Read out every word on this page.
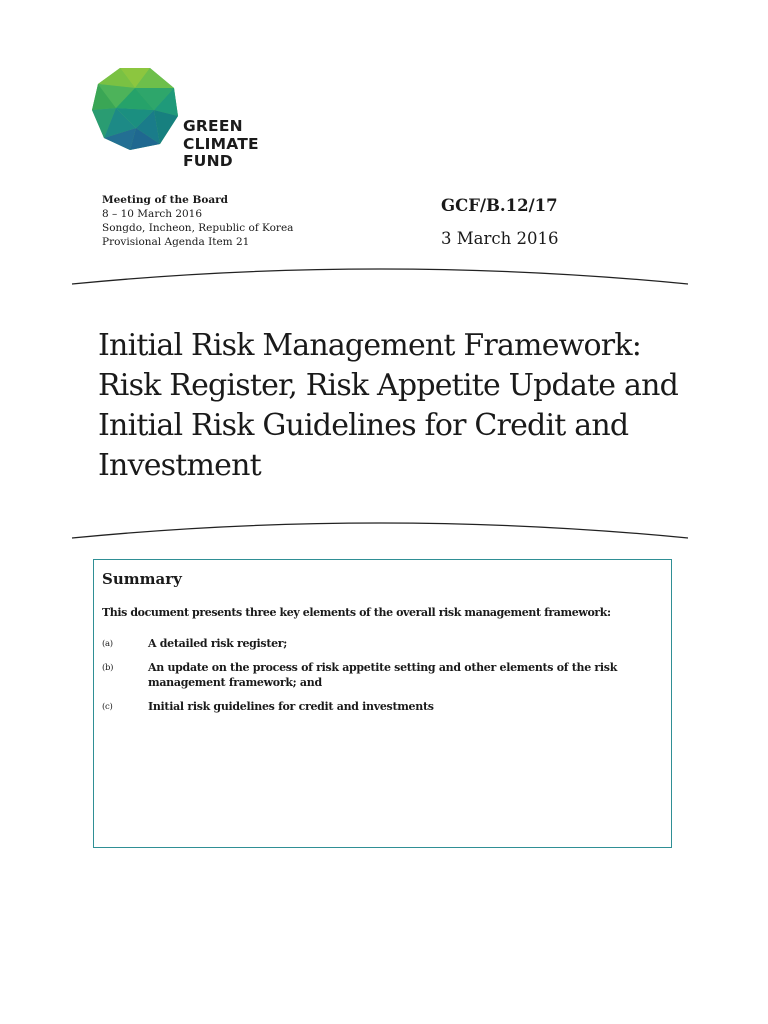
GREEN
CLIMATE
FUND
Meeting of the Board
8 – 10 March 2016
Songdo, Incheon, Republic of Korea
Provisional Agenda Item 21
GCF/B.12/17
3 March 2016
Initial Risk Management Framework:
Risk Register, Risk Appetite Update and
Initial Risk Guidelines for Credit and
Investment
Summary
This document presents three key elements of the overall risk management framework:
(a)	A detailed risk register;
(b)	An update on the process of risk appetite setting and other elements of the risk management framework; and
(c)	Initial risk guidelines for credit and investments
